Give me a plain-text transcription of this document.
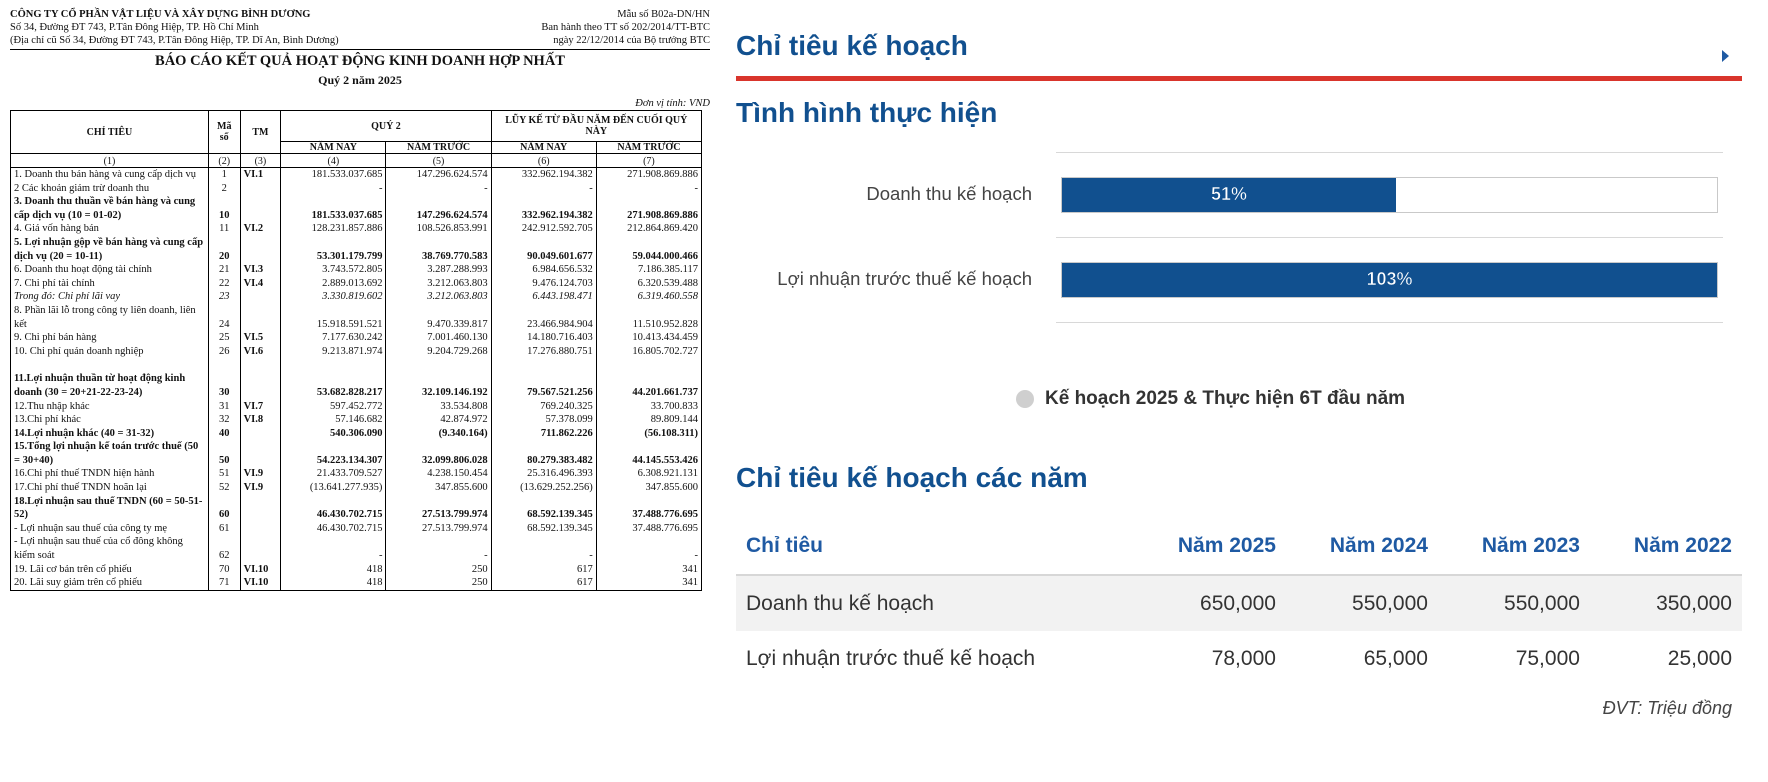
CÔNG TY CỔ PHẦN VẬT LIỆU VÀ XÂY DỰNG BÌNH DƯƠNG
Số 34, Đường ĐT 743, P.Tân Đông Hiệp, TP. Hồ Chí Minh
(Địa chỉ cũ Số 34, Đường ĐT 743, P.Tân Đông Hiệp, TP. Dĩ An, Bình Dương)
Mẫu số B02a-DN/HN
Ban hành theo TT số 202/2014/TT-BTC
ngày 22/12/2014 của Bộ trưởng BTC
BÁO CÁO KẾT QUẢ HOẠT ĐỘNG KINH DOANH HỢP NHẤT
Quý 2 năm 2025
Đơn vị tính: VND
CHỈ TIÊU	Mã số	TM	QUÝ 2		LŨY KẾ TỪ ĐẦU NĂM ĐẾN CUỐI QUÝ NÀY	
			NĂM NAY	NĂM TRƯỚC	NĂM NAY	NĂM TRƯỚC
(1)	(2)	(3)	(4)	(5)	(6)	(7)
1. Doanh thu bán hàng và cung cấp dịch vụ	1	VI.1	181.533.037.685	147.296.624.574	332.962.194.382	271.908.869.886
2 Các khoản giảm trừ doanh thu	2		-	-	-	-
3. Doanh thu thuần về bán hàng và cung cấp dịch vụ (10 = 01-02)	10		181.533.037.685	147.296.624.574	332.962.194.382	271.908.869.886
4. Giá vốn hàng bán	11	VI.2	128.231.857.886	108.526.853.991	242.912.592.705	212.864.869.420
5. Lợi nhuận gộp về bán hàng và cung cấp dịch vụ (20 = 10-11)	20		53.301.179.799	38.769.770.583	90.049.601.677	59.044.000.466
6. Doanh thu hoạt động tài chính	21	VI.3	3.743.572.805	3.287.288.993	6.984.656.532	7.186.385.117
7. Chi phí tài chính	22	VI.4	2.889.013.692	3.212.063.803	9.476.124.703	6.320.539.488
Trong đó: Chi phí lãi vay	23		3.330.819.602	3.212.063.803	6.443.198.471	6.319.460.558
8. Phần lãi lỗ trong công ty liên doanh, liên kết	24		15.918.591.521	9.470.339.817	23.466.984.904	11.510.952.828
9. Chi phí bán hàng	25	VI.5	7.177.630.242	7.001.460.130	14.180.716.403	10.413.434.459
10. Chi phí quản doanh nghiệp	26	VI.6	9.213.871.974	9.204.729.268	17.276.880.751	16.805.702.727
11.Lợi nhuận thuần từ hoạt động kinh doanh (30 = 20+21-22-23-24)	30		53.682.828.217	32.109.146.192	79.567.521.256	44.201.661.737
12.Thu nhập khác	31	VI.7	597.452.772	33.534.808	769.240.325	33.700.833
13.Chi phí khác	32	VI.8	57.146.682	42.874.972	57.378.099	89.809.144
14.Lợi nhuận khác (40 = 31-32)	40		540.306.090	(9.340.164)	711.862.226	(56.108.311)
15.Tổng lợi nhuận kế toán trước thuế (50 = 30+40)	50		54.223.134.307	32.099.806.028	80.279.383.482	44.145.553.426
16.Chi phí thuế TNDN hiện hành	51	VI.9	21.433.709.527	4.238.150.454	25.316.496.393	6.308.921.131
17.Chi phí thuế TNDN hoãn lại	52	VI.9	(13.641.277.935)	347.855.600	(13.629.252.256)	347.855.600
18.Lợi nhuận sau thuế TNDN (60 = 50-51-52)	60		46.430.702.715	27.513.799.974	68.592.139.345	37.488.776.695
- Lợi nhuận sau thuế của công ty mẹ	61		46.430.702.715	27.513.799.974	68.592.139.345	37.488.776.695
- Lợi nhuận sau thuế của cổ đông không kiểm soát	62		-	-	-	-
19. Lãi cơ bản trên cổ phiếu	70	VI.10	418	250	617	341
20. Lãi suy giảm trên cổ phiếu	71	VI.10	418	250	617	341
Chỉ tiêu kế hoạch
Tình hình thực hiện
Doanh thu kế hoạch	51%
Lợi nhuận trước thuế kế hoạch	103%
Kế hoạch 2025 & Thực hiện 6T đầu năm
Chỉ tiêu kế hoạch các năm
Chỉ tiêu	Năm 2025	Năm 2024	Năm 2023	Năm 2022
Doanh thu kế hoạch	650,000	550,000	550,000	350,000
Lợi nhuận trước thuế kế hoạch	78,000	65,000	75,000	25,000
ĐVT: Triệu đồng
